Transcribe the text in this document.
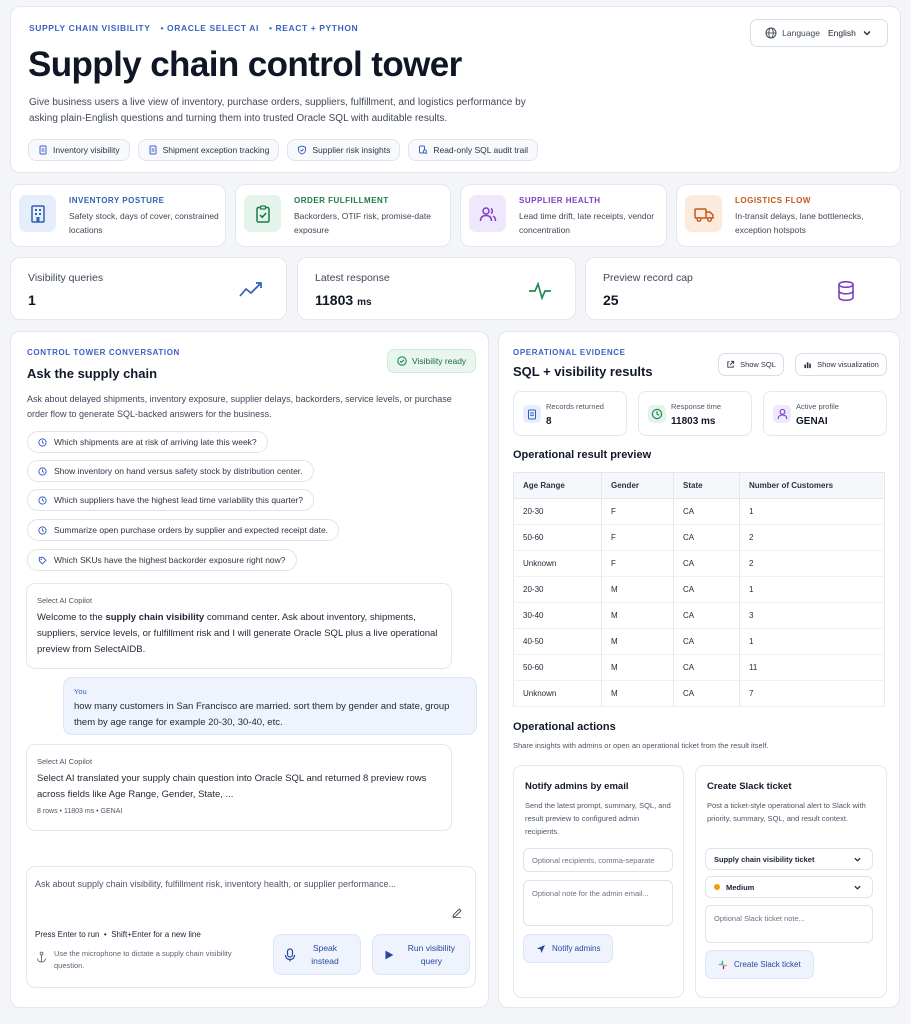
SUPPLY CHAIN VISIBILITY • ORACLE SELECT AI • REACT + PYTHON
Supply chain control tower

Give business users a live view of inventory, purchase orders, suppliers, fulfillment, and logistics performance by asking plain-English questions and turning them into trusted Oracle SQL with auditable results.

Inventory visibility	Shipment exception tracking	Supplier risk insights	Read-only SQL audit trail
Language English
INVENTORY POSTURE
Safety stock, days of cover, constrained locations
ORDER FULFILLMENT
Backorders, OTIF risk, promise-date exposure
SUPPLIER HEALTH
Lead time drift, late receipts, vendor concentration
LOGISTICS FLOW
In-transit delays, lane bottlenecks, exception hotspots
Visibility queries
1
Latest response
11803 ms
Preview record cap
25
CONTROL TOWER CONVERSATION
Visibility ready
Ask the supply chain

Ask about delayed shipments, inventory exposure, supplier delays, backorders, service levels, or purchase order flow to generate SQL-backed answers for the business.

Which shipments are at risk of arriving late this week?
Show inventory on hand versus safety stock by distribution center.
Which suppliers have the highest lead time variability this quarter?
Summarize open purchase orders by supplier and expected receipt date.
Which SKUs have the highest backorder exposure right now?
Select AI Copilot
Welcome to the supply chain visibility command center. Ask about inventory, shipments, suppliers, service levels, or fulfillment risk and I will generate Oracle SQL plus a live operational preview from SelectAIDB.
You
how many customers in San Francisco are married. sort them by gender and state, group them by age range for example 20-30, 30-40, etc.
Select AI Copilot
Select AI translated your supply chain question into Oracle SQL and returned 8 preview rows across fields like Age Range, Gender, State, ...
8 rows • 11803 ms • GENAI
Ask about supply chain visibility, fulfillment risk, inventory health, or supplier performance...
Press Enter to run  •  Shift+Enter for a new line
Use the microphone to dictate a supply chain visibility question.
Speak instead
Run visibility query
OPERATIONAL EVIDENCE
SQL + visibility results	Show SQL	Show visualization
Records returned
8
Response time
11803 ms
Active profile
GENAI
Operational result preview
Age Range	Gender	State	Number of Customers
20-30	F	CA	1
50-60	F	CA	2
Unknown	F	CA	2
20-30	M	CA	1
30-40	M	CA	3
40-50	M	CA	1
50-60	M	CA	11
Unknown	M	CA	7
Operational actions
Share insights with admins or open an operational ticket from the result itself.
Notify admins by email
Send the latest prompt, summary, SQL, and result preview to configured admin recipients.
Optional recipients, comma-separate
Optional note for the admin email...
Notify admins
Create Slack ticket
Post a ticket-style operational alert to Slack with priority, summary, SQL, and result context.
Supply chain visibility ticket
Medium
Optional Slack ticket note...
Create Slack ticket
